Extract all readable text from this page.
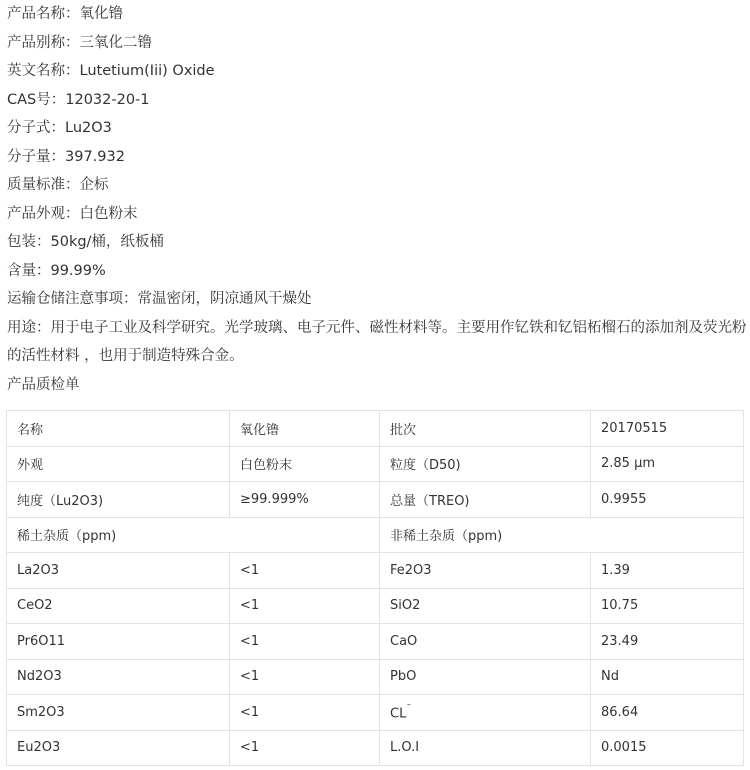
产品名称：氧化镥
产品别称：三氧化二镥
英文名称：Lutetium(Iii) Oxide
CAS号：12032-20-1
分子式：Lu2O3
分子量：397.932
质量标准：企标
产品外观：白色粉末
包装：50kg/桶，纸板桶
含量：99.99%
运输仓储注意事项：常温密闭，阴凉通风干燥处
用途：用于电子工业及科学研究。光学玻璃、电子元件、磁性材料等。主要用作钇铁和钇铝柘榴石的添加剂及荧光粉的活性材料 ，也用于制造特殊合金。
产品质检单
名称	氧化镥	批次	20170515
外观	白色粉末	粒度（D50)	2.85 μm
纯度（Lu2O3)	≥99.999%	总量（TREO)	0.9955
稀土杂质（ppm)		非稀土杂质（ppm)	
La2O3	<1	Fe2O3	1.39
CeO2	<1	SiO2	10.75
Pr6O11	<1	CaO	23.49
Nd2O3	<1	PbO	Nd
Sm2O3	<1	CL¯	86.64
Eu2O3	<1	L.O.I	0.0015
